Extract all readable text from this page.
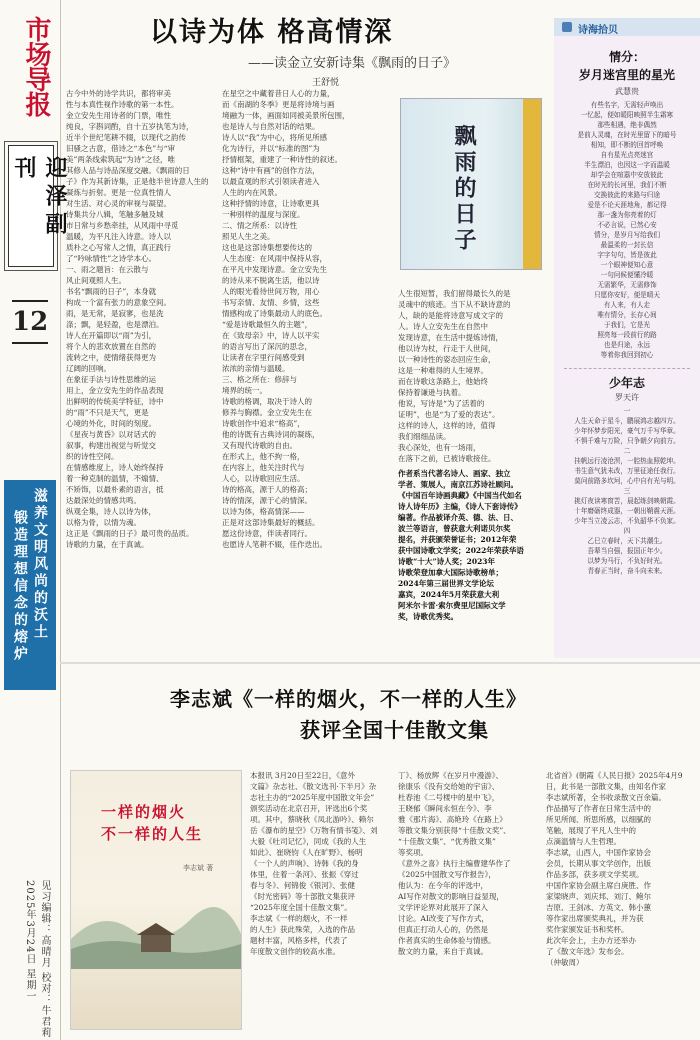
市场导报
迎泽副刊
12
滋养文明风尚的沃土
锻造理想信念的熔炉
见习编辑：高晴月 校对：牛君莉 2025年3月24日 星期一
以诗为体 格高情深
——读金立安新诗集《飘雨的日子》
王舒悦
古今中外的诗学共识，都将审美
性与本真性视作诗歌的第一本性。
金立安先生用诗者的门票，唯性
纯良，字斟词酌，自十五岁执笔为诗，
近半个世纪笔耕不辍，以现代之韵传
旧骚之古意，借诗之“本色”与“审
美”两条线索筑起“为诗”之径，唯
其修人品与诗品深度交融。《飘雨的日
子》作为其新诗集，正是他半世诗意人生的
凝炼与折射。更是一位真性情人
对生活、对心灵的审视与凝望。
诗集共分八辑，笔触多触及城
市日常与乡愁牵挂，从风雨中寻觅
温暖，为平凡注入诗意。诗人以
质朴之心写常人之情，真正践行
了“吟咏情性”之诗学本心。
一、雨之题旨：在云散与
风止间观照人生。
书名“飘雨的日子”，本身就
构成一个富有张力的意象空间。
雨，是无常，是寂寥，也是洗
涤；飘，是轻盈，也是漂泊。
诗人在开篇即以“雨”为引，
将个人的悲欢放置在自然的
流转之中，使情绪获得更为
辽阔的回响。
在象征手法与诗性思维的运
用上，金立安先生的作品表现
出鲜明的传统美学特征，诗中
的“雨”不只是天气，更是
心境的外化，时间的刻度。
《星夜与黄昏》以对话式的
叙事，构建出视觉与听觉交
织的诗性空间。
在情感维度上，诗人始终保持
着一种克制的温情，不煽情、
不矫饰，以最朴素的语言，抵
达最深处的情感共鸣。
纵观全集，诗人以诗为体，
以格为骨，以情为魂。
这正是《飘雨的日子》最可贵的品质。
诗歌的力量，在于真诚。
在星空之中藏着昔日人心的力量，
而《南湖的冬季》更是将诗境与画
境融为一体，画面如同被美景所包围，
也是诗人与自然对话的结果。
诗人以“我”为中心，将所见所感
化为诗行，并以“标准的图”为
抒情框架，重建了一种诗性的叙述。
这种“诗中有画”的创作方法，
以最直观的形式引领读者进入
人生的内在风景。
这种抒情的诗意，让诗歌更具
一种别样的温度与深度。
二、情之所系：以诗性
照见人生之美。
这也是这部诗集想要传达的
人生态度：在风雨中保持从容，
在平凡中发现诗意。金立安先生
的诗从来不脱离生活，他以诗
人的眼光看待世间万物，用心
书写亲情、友情、乡情，这些
情感构成了诗集最动人的底色。
“爱是诗歌最恒久的主题”，
在《致母亲》中，诗人以平实
的语言写出了深沉的思念，
让读者在字里行间感受到
浓浓的亲情与温暖。
三、格之所在：修辞与
境界的统一。
诗歌的格调，取决于诗人的
修养与胸襟。金立安先生在
诗歌创作中追求“格高”，
他的诗既有古典诗词的凝练，
又有现代诗歌的自由。
在形式上，他不拘一格，
在内容上，他关注时代与
人心，以诗歌回应生活。
诗的格高，源于人的格高；
诗的情深，源于心的情深。
以诗为体，格高情深——
正是对这部诗集最好的概括。
愿这份诗意，伴读者同行。
也愿诗人笔耕不辍，佳作迭出。
飘雨的日子
人生很短暂，我们留得最长久的是
灵魂中的痕迹。当下从不缺诗意的
人，缺的是能将诗意写成文字的
人。诗人立安先生在自然中
发现诗意，在生活中提炼诗情，
他以诗为杖，行走于人世间，
以一种诗性的姿态回应生命，
这是一种难得的人生境界。
而在诗歌这条路上，他始终
保持着谦逊与执着。
他说，写诗是“为了活着的
证明”，也是“为了爱的表达”。
这样的诗人，这样的诗，值得
我们细细品读。
我心深处，也有一场雨，
在落下之前，已被诗歌接住。
作者系当代著名诗人、画家、独立
学者、策展人，南京江苏诗社顾问。
《中国百年诗画典藏》《中国当代如名
诗人诗年历》主编，《诗人下套诗传》
编著。作品被译介英、德、法、日、
波兰等语言，曾获意大利诺贝尔奖
提名，并获颁荣誉证书；2012年荣
获中国诗歌文学奖；2022年荣获华语
诗歌“十大”诗人奖；2023年
诗歌荣登加拿大国际诗歌榜单；
2024年第三届世界文学论坛
嘉宾，2024年5月荣获意大利
阿米尔卡雷·索尔费里尼国际文学
奖，诗歌优秀奖。
诗海拾贝
情分：
岁月迷宫里的星光
武慧贵
有些名字，无需轻声唤出
一忆起，便如暖阳映照半生霜寒
那些相遇，绝非偶然
是前人灵魂，在时光里留下的暗号
相知，即不断的回首呼唤
自有星光点亮迷宫
半生漂泊，也因这一字而温暖
却学会在喧嚣中安放彼此
在时光的长河里，我们不断
交换彼此的来路与归途
爱是不论天涯地角，都记得
那一盏为你亮着的灯
不必言说，已然心安
情分，是岁月写给我们
最温柔的一封长信
字字句句，皆是彼此
一个眼神便知心意
一句问候便懂冷暖
无需繁华，无需修饰
只愿你安好，便是晴天
有人来，有人走
唯有情分，长存心间
于我们，它是光
照亮每一段前行的路
也是归途，永远
等着你我回到初心
少年志
罗天许
一
人生天命于星斗，鹏展鸿志越四方。
少年怀梦步阳光，豪气万千写华章。
不惧千难与万险，只争朝夕向前方。
二
挂帆远行凌沧溟，一腔热血照乾坤。
书生意气犹未改，万里征途任我行。
莫问前路多坎坷，心中自有光与明。
三
挑灯夜读寒窗苦，晨起练剑映朝霞。
十年磨砺终成器，一朝出鞘震天涯。
少年当立凌云志，不负韶华不负家。
四
乙巳立春时，天下共潮生。
吾辈当自强，报国正年少。
以梦为马行，不负好时光。
青春正当时，奋斗向未来。
李志斌《一样的烟火，不一样的人生》
获评全国十佳散文集
一样的烟火
不一样的人生
李志斌 著
本报讯 3月20日至22日，《意外
文篇》杂志社、《散文选刊·下半月》杂
志社主办的“2025年度中国散文年会”
颁奖活动在北京召开，评选出6个奖
项。其中，蔡晓秋《凤北游吟》、赖尔
岳《瀑布的星空》《万物有情书笺》、刘
大毅《吐司记忆》，同成《我的人生
如此》、崔晓钧《人在旷野》、杨明
《一个人的声响》、诗韩《我的身
体里，住着一条河》、张振《穿过
春与冬》、何锦俊《银河》、张健
《时光密码》等十部散文集获评
“2025年度全国十佳散文集”。
李志斌《一样的烟火，不一样
的人生》获此殊荣，入选的作品
题材丰富，风格多样，代表了
年度散文创作的较高水准。
丁》、杨放辉《在岁月中漫游》、
徐康乐《没有交给她的宇宙》、
杜春池《二号楼中的星中飞》，
王晓郁《瞬间永恒在今》、李
雅《那片海》、高艳玲《在路上》
等散文集分别获得“十佳散文奖”、
“十佳散文集”、“优秀散文集”
等奖项。
《意外之喜》执行主编曹建华作了
《2025中国散文写作报告》，
他认为：在今年的评选中，
AI写作对散文的影响日益显现，
文学评论界对此展开了深入
讨论。AI改变了写作方式，
但真正打动人心的，仍然是
作者真实的生命体验与情感。
散文的力量，来自于真诚。
北省首》(朝霞《人民日报》2025年4月9
日，此书是一部散文集，由知名作家
李志斌所著，全书收录散文百余篇。
作品描写了作者在日常生活中的
所见所闻、所思所感，以细腻的
笔触，展现了平凡人生中的
点滴温情与人生哲理。
李志斌，山西人，中国作家协会
会员，长期从事文学创作，出版
作品多部，获多项文学奖项。
中国作家协会副主席白庚胜、作
家梁晓声、刘庆邦、刘汀、鲍尔
吉原、王剑冰、方英文、韩小蕙
等作家出席颁奖典礼，并为获
奖作家颁发证书和奖杯。
此次年会上，主办方还举办
了《散文年选》发布会。
（仲敏周）
